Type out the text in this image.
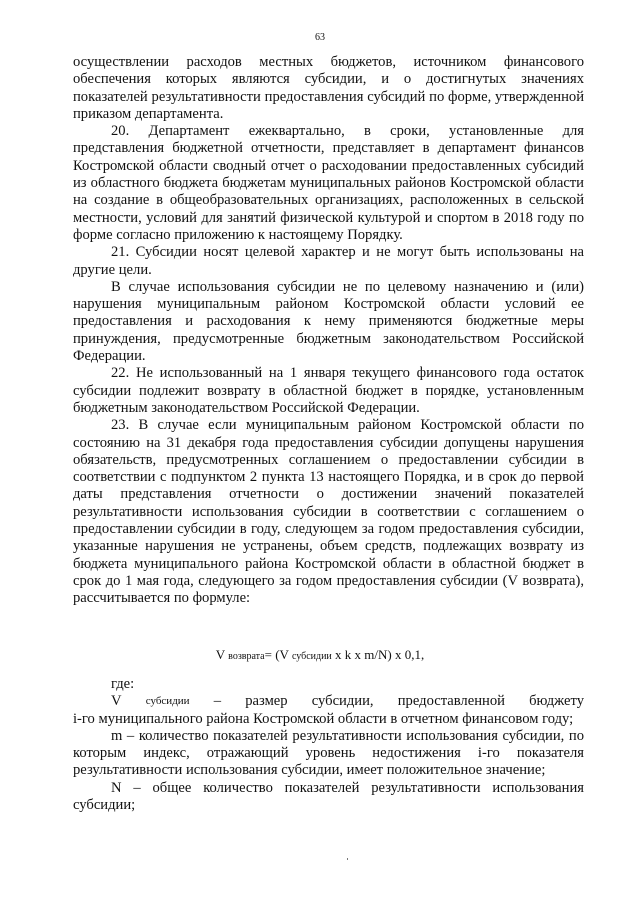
63

осуществлении расходов местных бюджетов, источником финансового обеспечения которых являются субсидии, и о достигнутых значениях показателей результативности предоставления субсидий по форме, утвержденной приказом департамента.

20. Департамент ежеквартально, в сроки, установленные для представления бюджетной отчетности, представляет в департамент финансов Костромской области сводный отчет о расходовании предоставленных субсидий из областного бюджета бюджетам муниципальных районов Костромской области на создание в общеобразовательных организациях, расположенных в сельской местности, условий для занятий физической культурой и спортом в 2018 году по форме согласно приложению к настоящему Порядку.

21. Субсидии носят целевой характер и не могут быть использованы на другие цели.

В случае использования субсидии не по целевому назначению и (или) нарушения муниципальным районом Костромской области условий ее предоставления и расходования к нему применяются бюджетные меры принуждения, предусмотренные бюджетным законодательством Российской Федерации.

22. Не использованный на 1 января текущего финансового года остаток субсидии подлежит возврату в областной бюджет в порядке, установленным бюджетным законодательством Российской Федерации.

23. В случае если муниципальным районом Костромской области по состоянию на 31 декабря года предоставления субсидии допущены нарушения обязательств, предусмотренных соглашением о предоставлении субсидии в соответствии с подпунктом 2 пункта 13 настоящего Порядка, и в срок до первой даты представления отчетности о достижении значений показателей результативности использования субсидии в соответствии с соглашением о предоставлении субсидии в году, следующем за годом предоставления субсидии, указанные нарушения не устранены, объем средств, подлежащих возврату из бюджета муниципального района Костромской области в областной бюджет в срок до 1 мая года, следующего за годом предоставления субсидии (V возврата), рассчитывается по формуле:

V возврата= (V субсидии x k x m/N) x 0,1,

где:

V субсидии – размер субсидии, предоставленной бюджету

i-го муниципального района Костромской области в отчетном финансовом году;

m – количество показателей результативности использования субсидии, по которым индекс, отражающий уровень недостижения i-го показателя результативности использования субсидии, имеет положительное значение;

N – общее количество показателей результативности использования субсидии;
